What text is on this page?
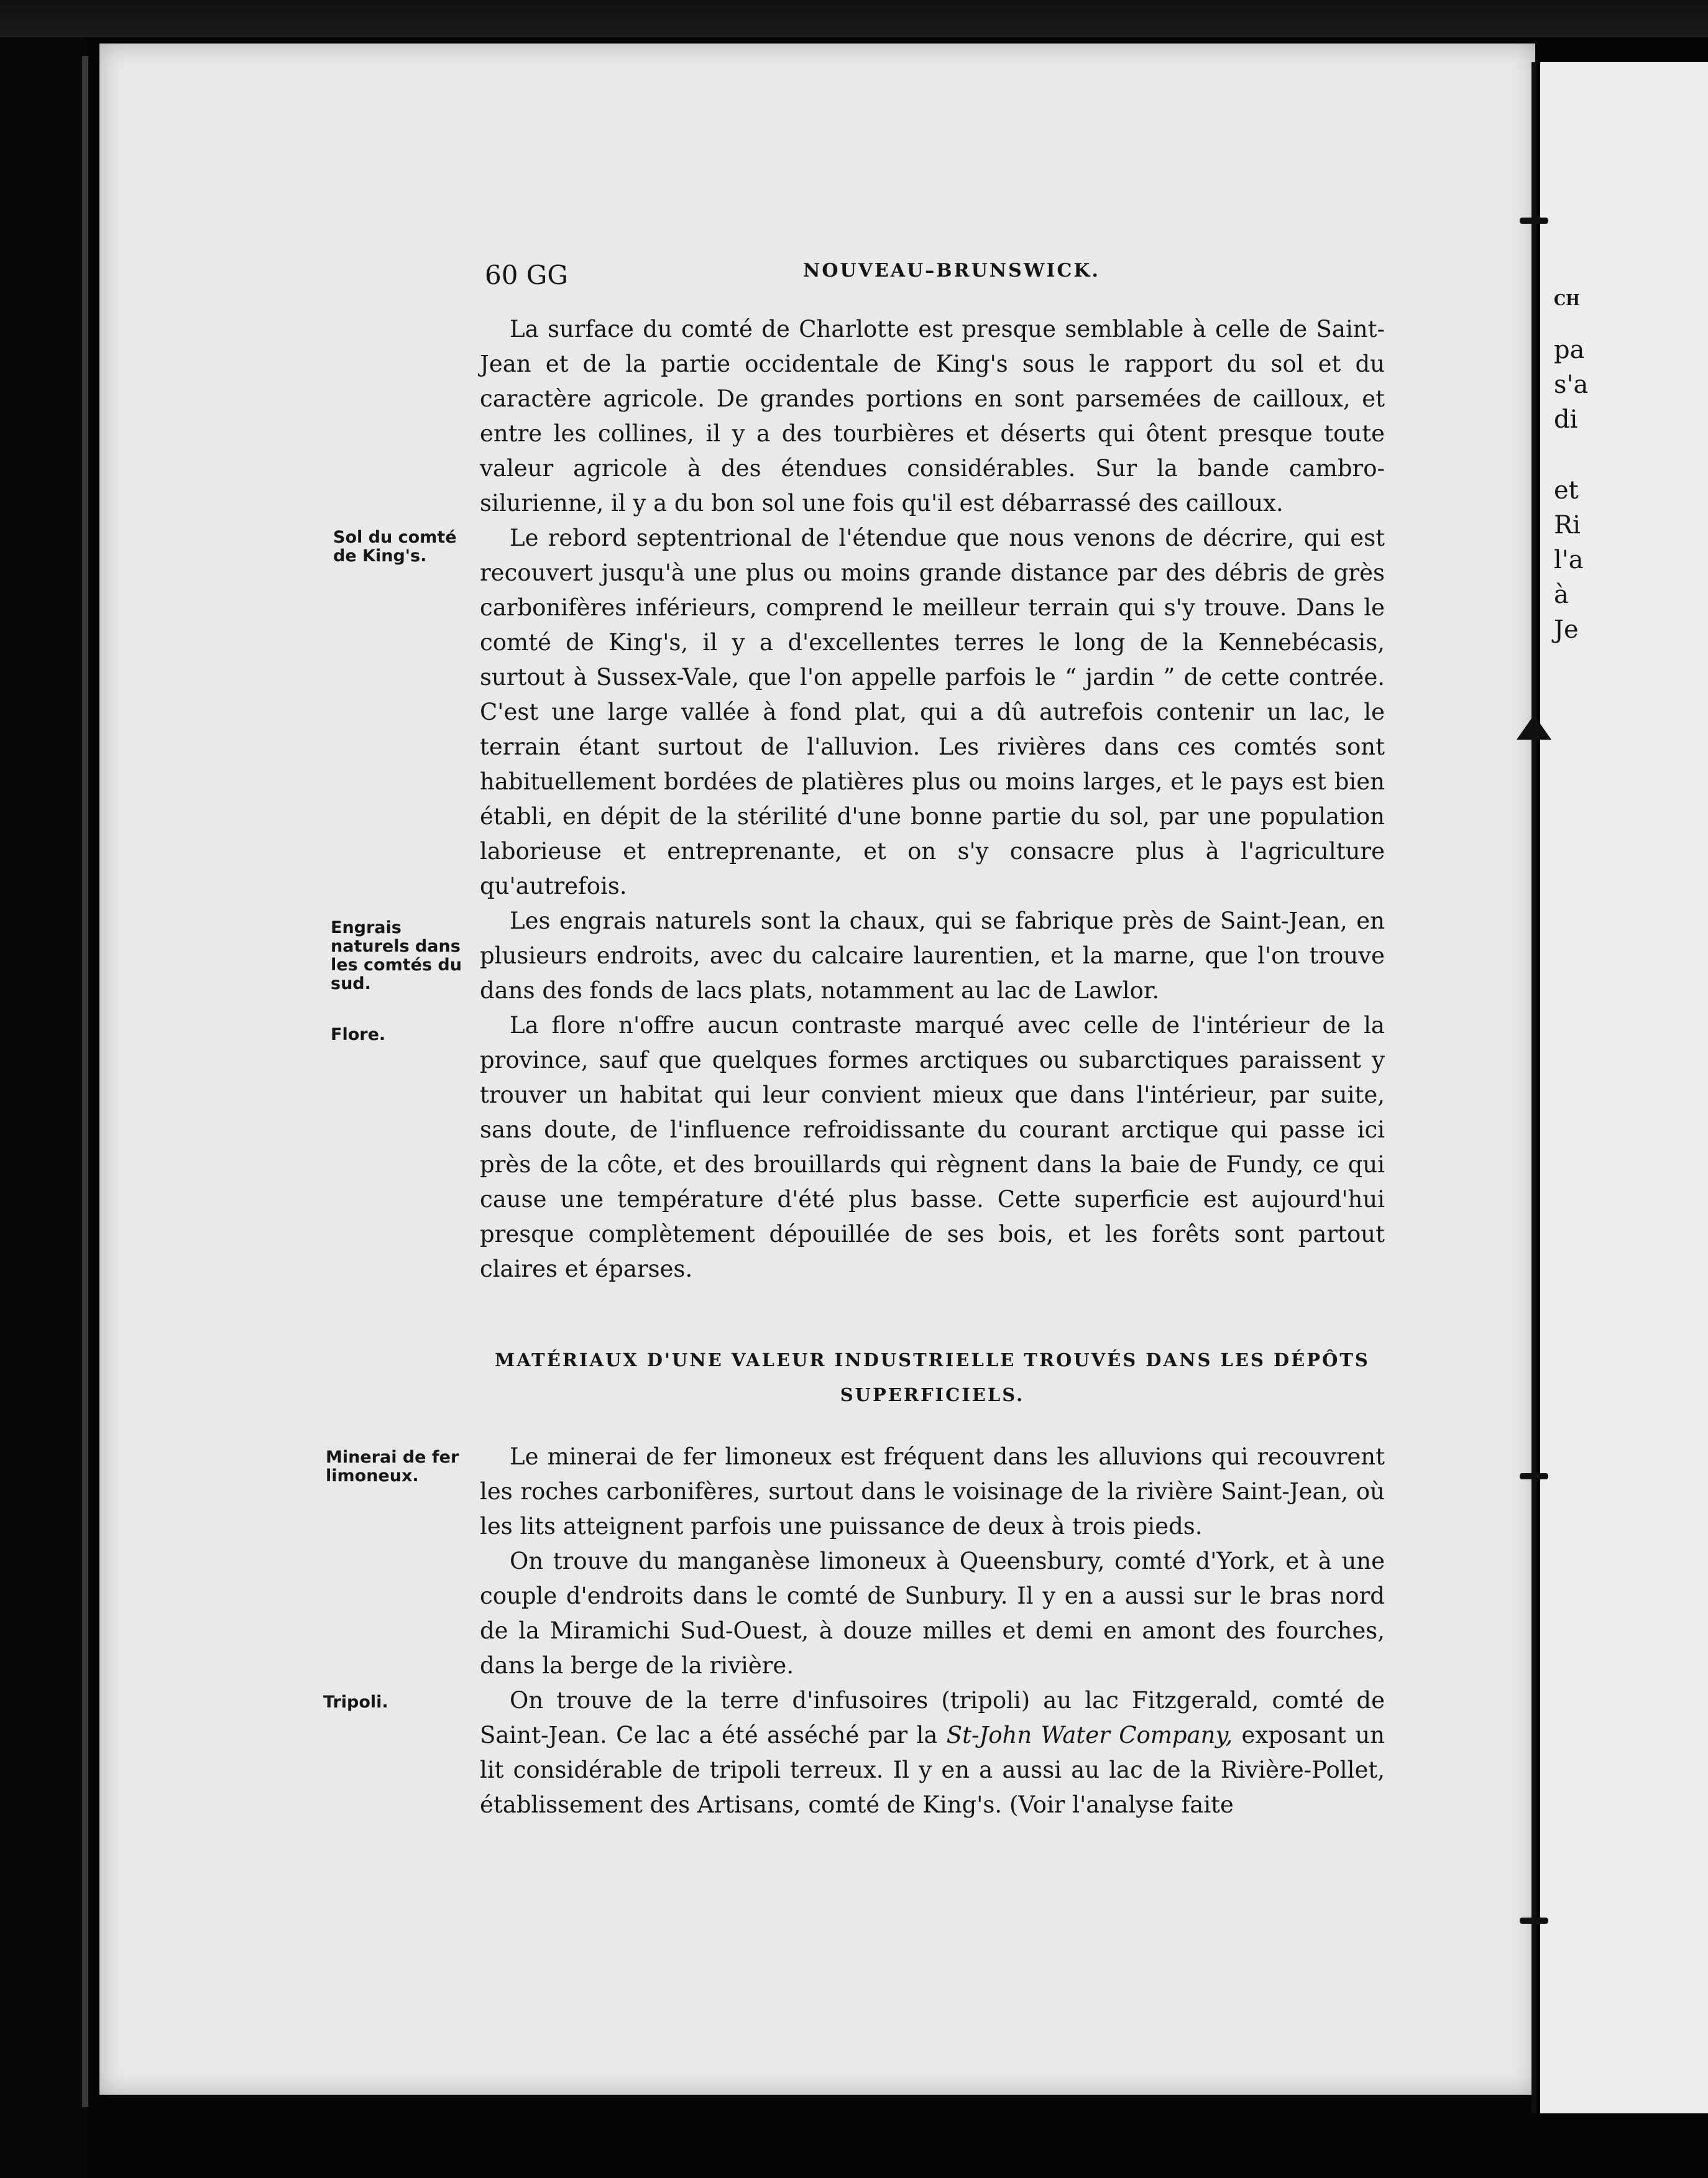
CH
pa
s'a
di
et
Ri
l'a
à
Je
60 GG	NOUVEAU–BRUNSWICK.
Sol du comté de King's.
Engrais naturels dans les comtés du sud.
Flore.
Minerai de fer limoneux.
Tripoli.

La surface du comté de Charlotte est presque semblable à celle de Saint-Jean et de la partie occidentale de King's sous le rapport du sol et du caractère agricole. De grandes portions en sont parsemées de cailloux, et entre les collines, il y a des tourbières et déserts qui ôtent presque toute valeur agricole à des étendues considérables. Sur la bande cambro-silurienne, il y a du bon sol une fois qu'il est débarrassé des cailloux.

Le rebord septentrional de l'étendue que nous venons de décrire, qui est recouvert jusqu'à une plus ou moins grande distance par des débris de grès carbonifères inférieurs, comprend le meilleur terrain qui s'y trouve. Dans le comté de King's, il y a d'excellentes terres le long de la Kennebécasis, surtout à Sussex-Vale, que l'on appelle parfois le “ jardin ” de cette contrée. C'est une large vallée à fond plat, qui a dû autrefois contenir un lac, le terrain étant surtout de l'alluvion. Les rivières dans ces comtés sont habituellement bordées de platières plus ou moins larges, et le pays est bien établi, en dépit de la stérilité d'une bonne partie du sol, par une population laborieuse et entreprenante, et on s'y consacre plus à l'agriculture qu'autrefois.

Les engrais naturels sont la chaux, qui se fabrique près de Saint-Jean, en plusieurs endroits, avec du calcaire laurentien, et la marne, que l'on trouve dans des fonds de lacs plats, notamment au lac de Lawlor.

La flore n'offre aucun contraste marqué avec celle de l'intérieur de la province, sauf que quelques formes arctiques ou subarctiques paraissent y trouver un habitat qui leur convient mieux que dans l'intérieur, par suite, sans doute, de l'influence refroidissante du courant arctique qui passe ici près de la côte, et des brouillards qui règnent dans la baie de Fundy, ce qui cause une température d'été plus basse. Cette superficie est aujourd'hui presque complètement dépouillée de ses bois, et les forêts sont partout claires et éparses.

MATÉRIAUX D'UNE VALEUR INDUSTRIELLE TROUVÉS DANS LES DÉPÔTS SUPERFICIELS.

Le minerai de fer limoneux est fréquent dans les alluvions qui recouvrent les roches carbonifères, surtout dans le voisinage de la rivière Saint-Jean, où les lits atteignent parfois une puissance de deux à trois pieds.

On trouve du manganèse limoneux à Queensbury, comté d'York, et à une couple d'endroits dans le comté de Sunbury. Il y en a aussi sur le bras nord de la Miramichi Sud-Ouest, à douze milles et demi en amont des fourches, dans la berge de la rivière.

On trouve de la terre d'infusoires (tripoli) au lac Fitzgerald, comté de Saint-Jean. Ce lac a été asséché par la St-John Water Company, exposant un lit considérable de tripoli terreux. Il y en a aussi au lac de la Rivière-Pollet, établissement des Artisans, comté de King's. (Voir l'analyse faite
